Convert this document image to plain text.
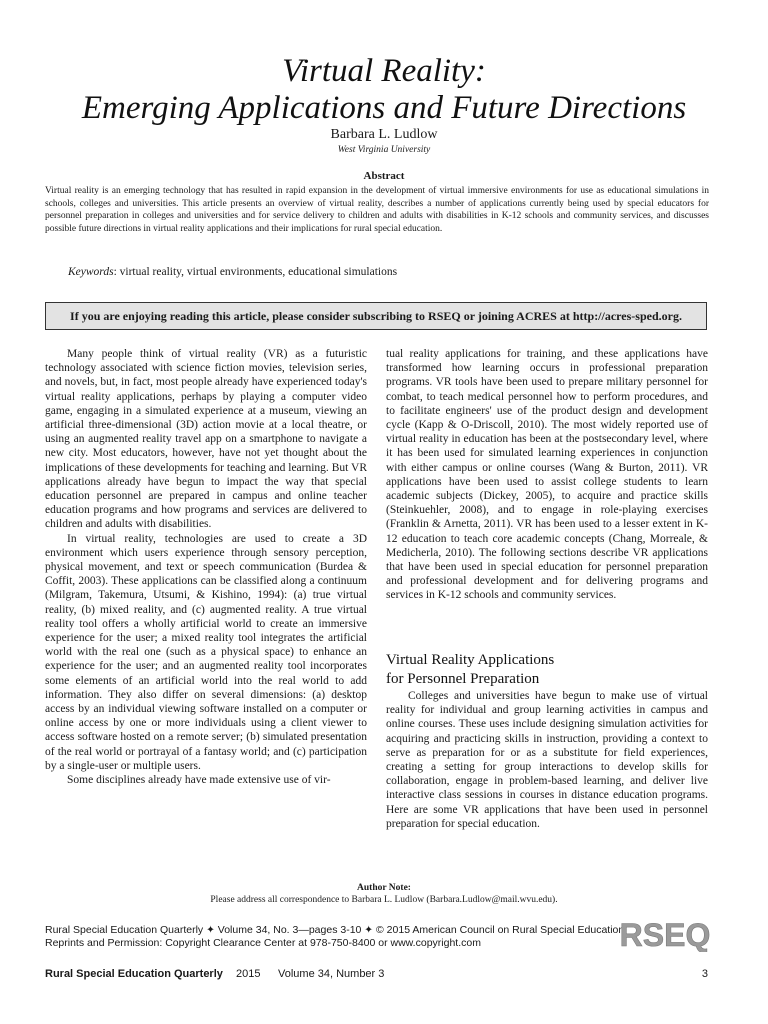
Virtual Reality:
Emerging Applications and Future Directions
Barbara L. Ludlow
West Virginia University
Abstract

Virtual reality is an emerging technology that has resulted in rapid expansion in the development of virtual immersive environments for use as educational simulations in schools, colleges and universities. This article presents an overview of virtual reality, describes a number of applications currently being used by special educators for personnel preparation in colleges and universities and for service delivery to children and adults with disabilities in K-12 schools and community services, and discusses possible future directions in virtual reality applications and their implications for rural special education.

Keywords: virtual reality, virtual environments, educational simulations
If you are enjoying reading this article, please consider subscribing to RSEQ or joining ACRES at http://acres-sped.org.

Many people think of virtual reality (VR) as a futuristic technology associated with science fiction movies, television series, and novels, but, in fact, most people already have experienced today's virtual reality applications, perhaps by playing a computer video game, engaging in a simulated experience at a museum, viewing an artificial three-dimensional (3D) action movie at a local theatre, or using an augmented reality travel app on a smartphone to navigate a new city. Most educators, however, have not yet thought about the implications of these developments for teaching and learning. But VR applications already have begun to impact the way that special education personnel are prepared in campus and online teacher education programs and how programs and services are delivered to children and adults with disabilities.

In virtual reality, technologies are used to create a 3D environment which users experience through sensory perception, physical movement, and text or speech communication (Burdea & Coffit, 2003). These applications can be classified along a continuum (Milgram, Takemura, Utsumi, & Kishino, 1994): (a) true virtual reality, (b) mixed reality, and (c) augmented reality. A true virtual reality tool offers a wholly artificial world to create an immersive experience for the user; a mixed reality tool integrates the artificial world with the real one (such as a physical space) to enhance an experience for the user; and an augmented reality tool incorporates some elements of an artificial world into the real world to add information. They also differ on several dimensions: (a) desktop access by an individual viewing software installed on a computer or online access by one or more individuals using a client viewer to access software hosted on a remote server; (b) simulated presentation of the real world or portrayal of a fantasy world; and (c) participation by a single-user or multiple users.

Some disciplines already have made extensive use of vir-

tual reality applications for training, and these applications have transformed how learning occurs in professional preparation programs. VR tools have been used to prepare military personnel for combat, to teach medical personnel how to perform procedures, and to facilitate engineers' use of the product design and development cycle (Kapp & O-Driscoll, 2010). The most widely reported use of virtual reality in education has been at the postsecondary level, where it has been used for simulated learning experiences in conjunction with either campus or online courses (Wang & Burton, 2011). VR applications have been used to assist college students to learn academic subjects (Dickey, 2005), to acquire and practice skills (Steinkuehler, 2008), and to engage in role-playing exercises (Franklin & Arnetta, 2011). VR has been used to a lesser extent in K-12 education to teach core academic concepts (Chang, Morreale, & Medicherla, 2010). The following sections describe VR applications that have been used in special education for personnel preparation and professional development and for delivering programs and services in K-12 schools and community services.

Virtual Reality Applications
for Personnel Preparation

Colleges and universities have begun to make use of virtual reality for individual and group learning activities in campus and online courses. These uses include designing simulation activities for acquiring and practicing skills in instruction, providing a context to serve as preparation for or as a substitute for field experiences, creating a setting for group interactions to develop skills for collaboration, engage in problem-based learning, and deliver live interactive class sessions in courses in distance education programs. Here are some VR applications that have been used in personnel preparation for special education.

Author Note:
Please address all correspondence to Barbara L. Ludlow (Barbara.Ludlow@mail.wvu.edu).
Rural Special Education Quarterly ✦ Volume 34, No. 3—pages 3-10 ✦ © 2015 American Council on Rural Special Education
Reprints and Permission: Copyright Clearance Center at 978-750-8400 or www.copyright.com	RSEQ
Rural Special Education Quarterly 2015 Volume 34, Number 3	3
